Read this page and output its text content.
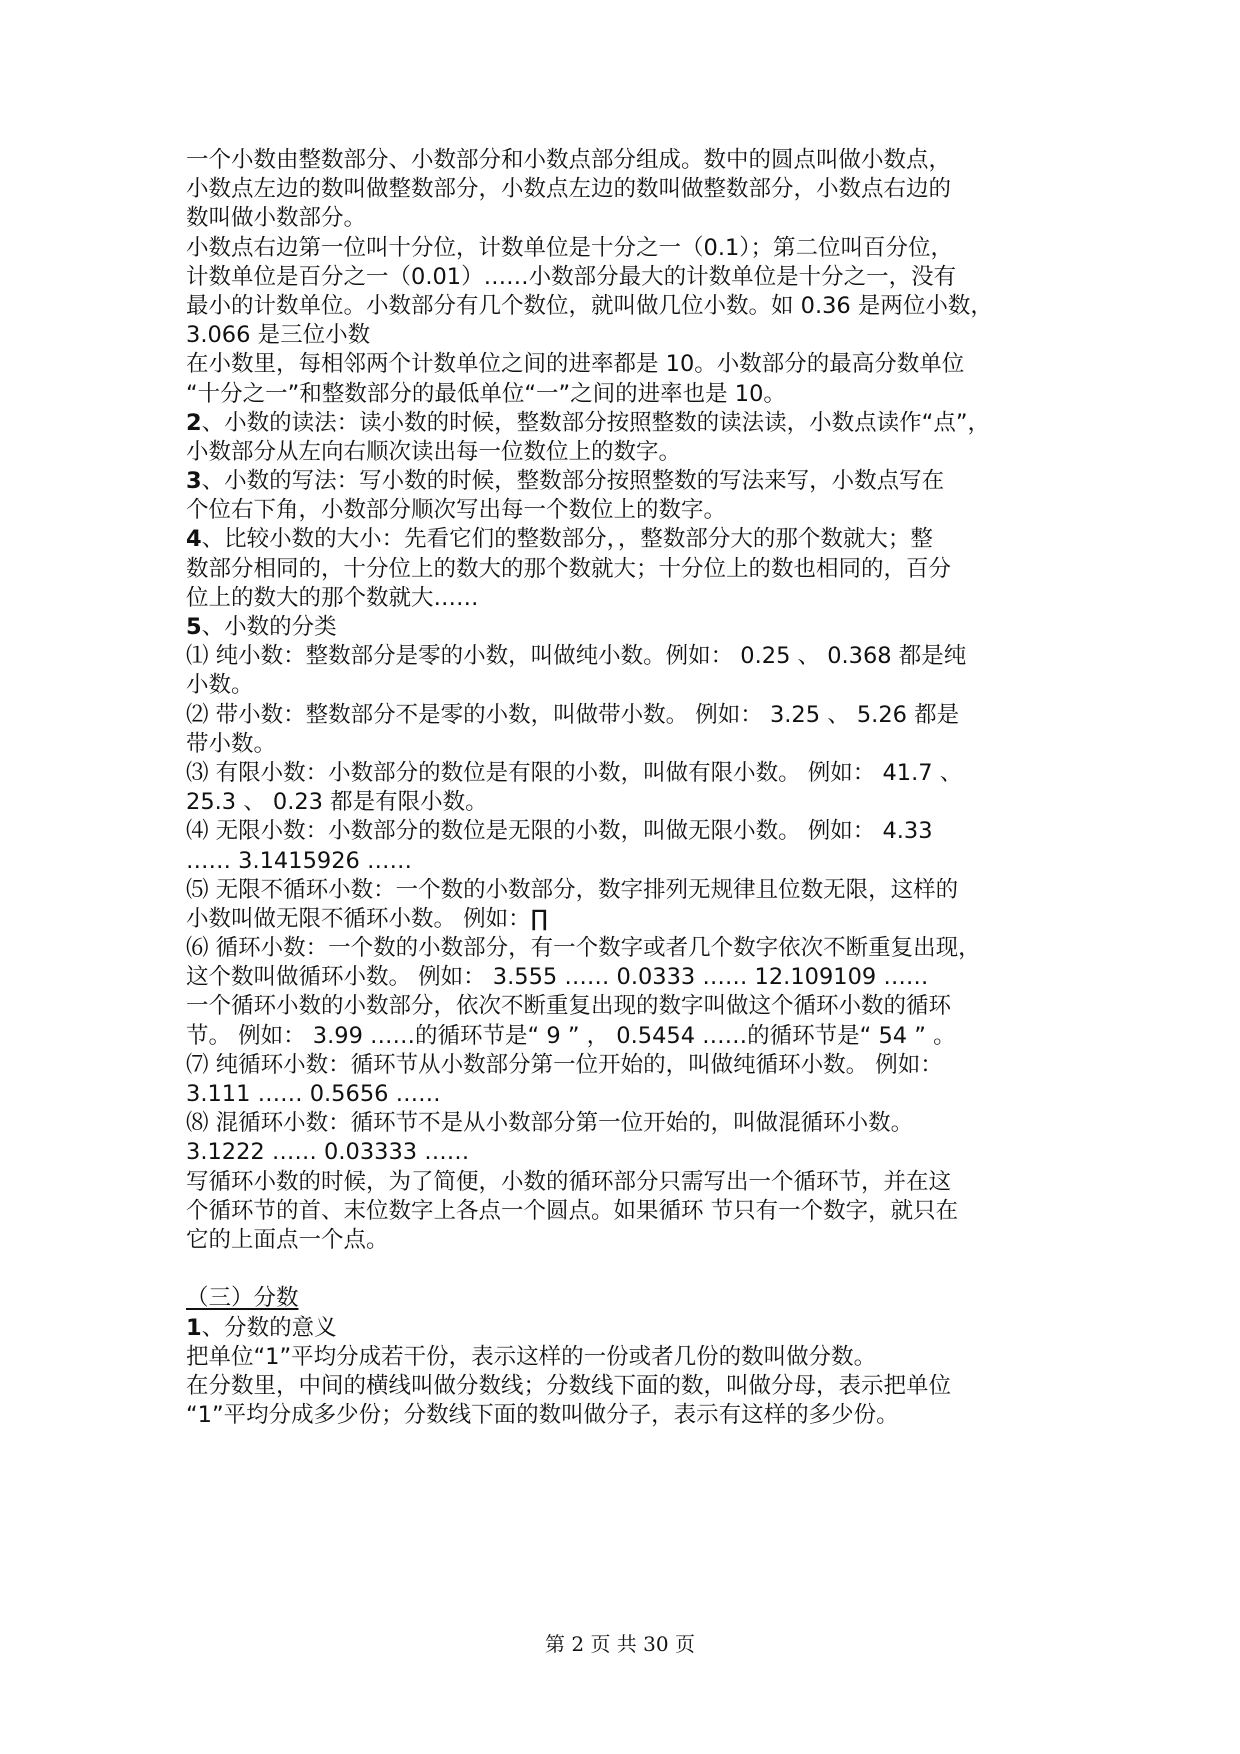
一个小数由整数部分、小数部分和小数点部分组成。数中的圆点叫做小数点，
小数点左边的数叫做整数部分，小数点左边的数叫做整数部分，小数点右边的
数叫做小数部分。
小数点右边第一位叫十分位，计数单位是十分之一（0.1）；第二位叫百分位，
计数单位是百分之一（0.01）……小数部分最大的计数单位是十分之一，没有
最小的计数单位。小数部分有几个数位，就叫做几位小数。如 0.36 是两位小数，
3.066 是三位小数
在小数里，每相邻两个计数单位之间的进率都是 10。小数部分的最高分数单位
“十分之一”和整数部分的最低单位“一”之间的进率也是 10。
2、小数的读法：读小数的时候，整数部分按照整数的读法读，小数点读作“点”，
小数部分从左向右顺次读出每一位数位上的数字。
3、小数的写法：写小数的时候，整数部分按照整数的写法来写，小数点写在
个位右下角，小数部分顺次写出每一个数位上的数字。
4、比较小数的大小：先看它们的整数部分，，整数部分大的那个数就大；整
数部分相同的，十分位上的数大的那个数就大；十分位上的数也相同的，百分
位上的数大的那个数就大……
5、小数的分类
⑴ 纯小数：整数部分是零的小数，叫做纯小数。例如： 0.25 、 0.368 都是纯
小数。
⑵ 带小数：整数部分不是零的小数，叫做带小数。 例如： 3.25 、 5.26 都是
带小数。
⑶ 有限小数：小数部分的数位是有限的小数，叫做有限小数。 例如： 41.7 、
25.3 、 0.23 都是有限小数。
⑷ 无限小数：小数部分的数位是无限的小数，叫做无限小数。 例如： 4.33
…… 3.1415926 ……
⑸ 无限不循环小数：一个数的小数部分，数字排列无规律且位数无限，这样的
小数叫做无限不循环小数。 例如：∏
⑹ 循环小数：一个数的小数部分，有一个数字或者几个数字依次不断重复出现，
这个数叫做循环小数。 例如： 3.555 …… 0.0333 …… 12.109109 ……
一个循环小数的小数部分，依次不断重复出现的数字叫做这个循环小数的循环
节。 例如： 3.99 ……的循环节是“ 9 ” ， 0.5454 ……的循环节是“ 54 ” 。
⑺ 纯循环小数：循环节从小数部分第一位开始的，叫做纯循环小数。 例如：
3.111 …… 0.5656 ……
⑻ 混循环小数：循环节不是从小数部分第一位开始的，叫做混循环小数。
3.1222 …… 0.03333 ……
写循环小数的时候，为了简便，小数的循环部分只需写出一个循环节，并在这
个循环节的首、末位数字上各点一个圆点。如果循环 节只有一个数字，就只在
它的上面点一个点。
（三）分数
1、分数的意义
把单位“1”平均分成若干份，表示这样的一份或者几份的数叫做分数。
在分数里，中间的横线叫做分数线；分数线下面的数，叫做分母，表示把单位
“1”平均分成多少份；分数线下面的数叫做分子，表示有这样的多少份。
第 2 页 共 30 页
